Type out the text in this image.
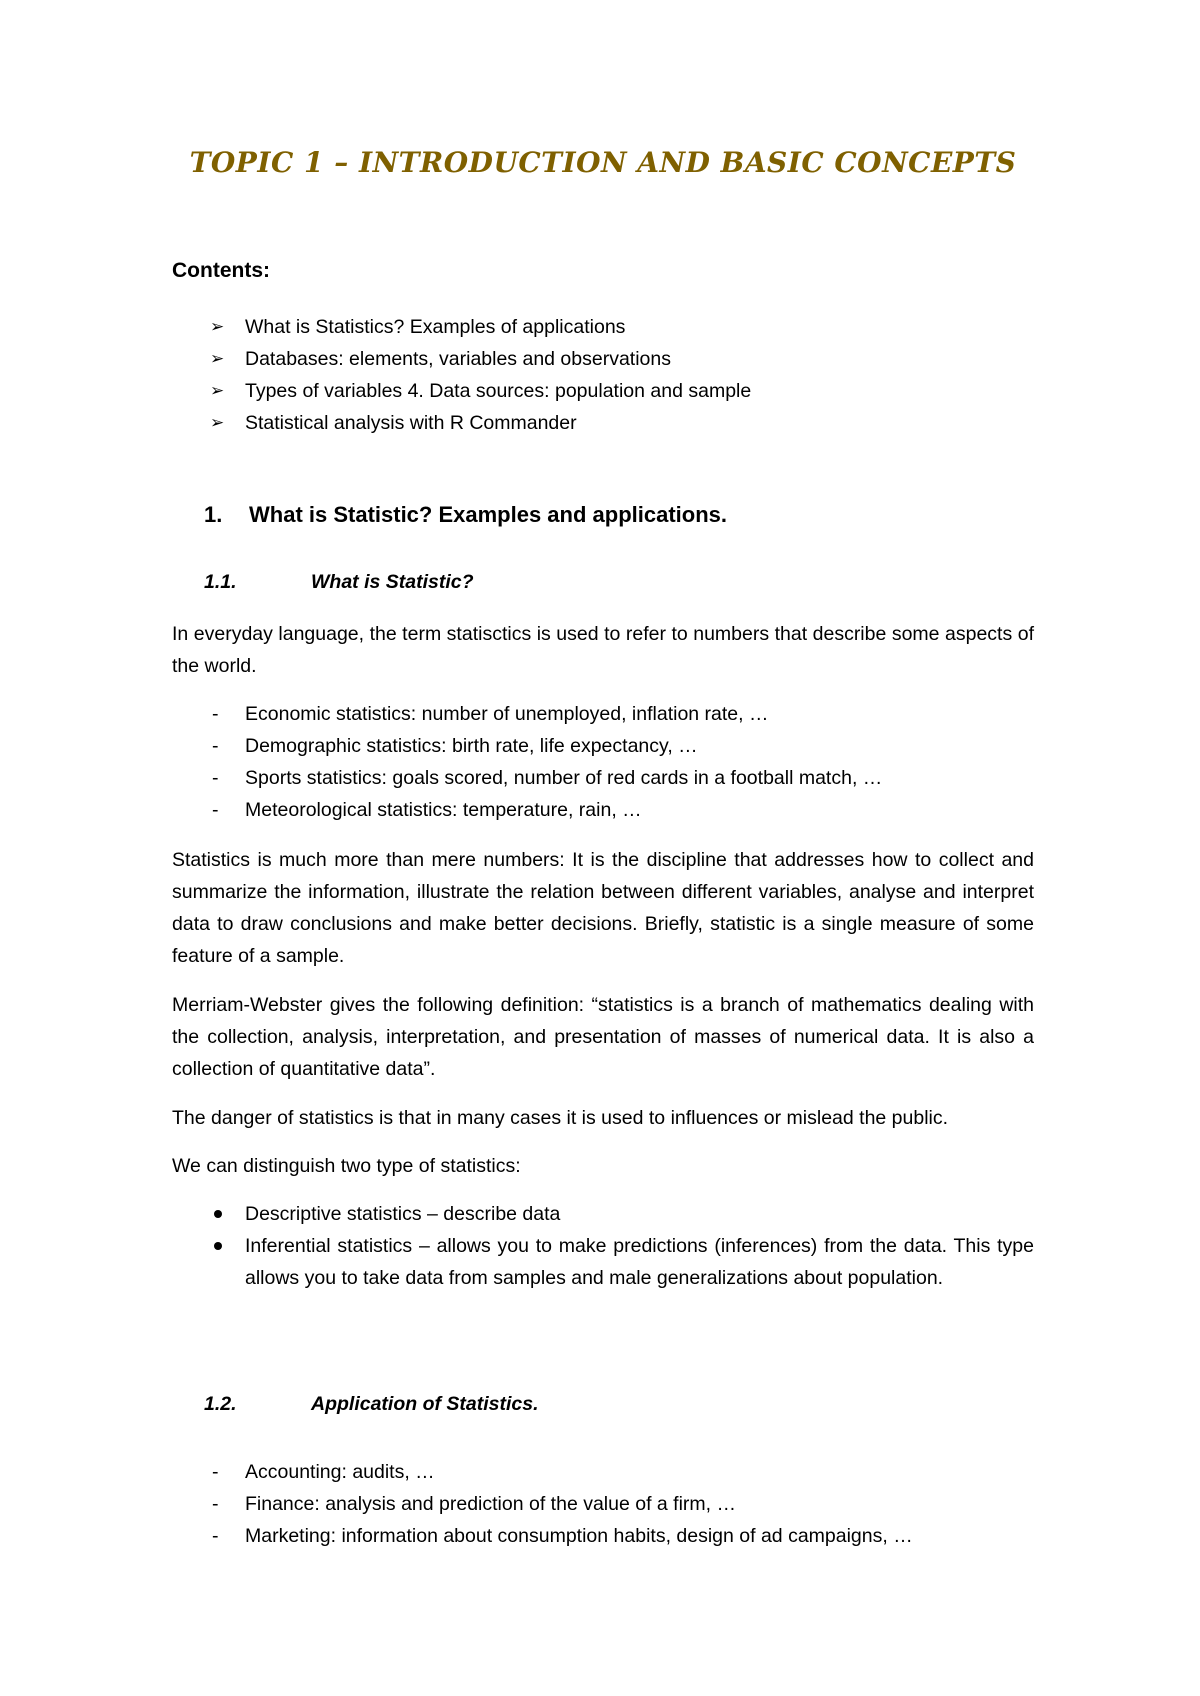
TOPIC 1 – INTRODUCTION AND BASIC CONCEPTS

Contents:

➢ What is Statistics? Examples of applications
➢ Databases: elements, variables and observations
➢ Types of variables 4. Data sources: population and sample
➢ Statistical analysis with R Commander
1. What is Statistic? Examples and applications.
1.1.	What is Statistic?

In everyday language, the term statisctics is used to refer to numbers that describe some aspects of the world.

- Economic statistics: number of unemployed, inflation rate, …
- Demographic statistics: birth rate, life expectancy, …
- Sports statistics: goals scored, number of red cards in a football match, …
- Meteorological statistics: temperature, rain, …

Statistics is much more than mere numbers: It is the discipline that addresses how to collect and summarize the information, illustrate the relation between different variables, analyse and interpret data to draw conclusions and make better decisions. Briefly, statistic is a single measure of some feature of a sample.

Merriam-Webster gives the following definition: “statistics is a branch of mathematics dealing with the collection, analysis, interpretation, and presentation of masses of numerical data. It is also a collection of quantitative data”.

The danger of statistics is that in many cases it is used to influences or mislead the public.

We can distinguish two type of statistics:

Descriptive statistics – describe data
Inferential statistics – allows you to make predictions (inferences) from the data. This type allows you to take data from samples and male generalizations about population.
1.2.	Application of Statistics.
- Accounting: audits, …
- Finance: analysis and prediction of the value of a firm, …
- Marketing: information about consumption habits, design of ad campaigns, …
